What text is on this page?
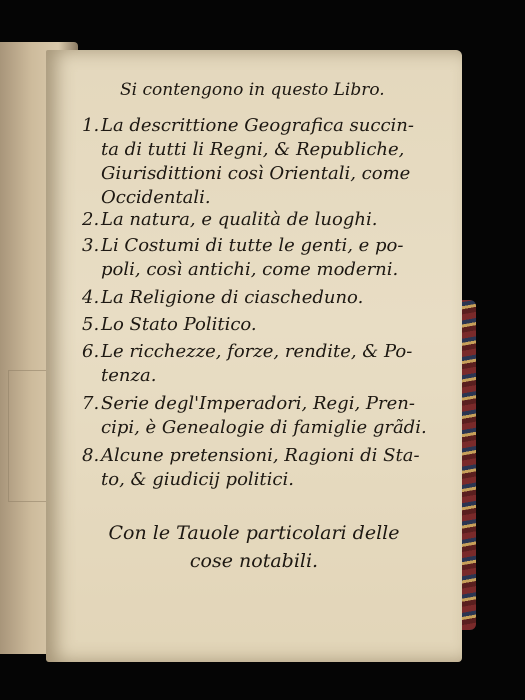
Si contengono in questo Libro.
1. La descrittione Geografica succin-
ta di tutti li Regni, & Republiche,
Giurisdittioni così Orientali, come
Occidentali.
2. La natura, e qualità de luoghi.
3. Li Costumi di tutte le genti, e po-
poli, così antichi, come moderni.
4. La Religione di ciascheduno.
5. Lo Stato Politico.
6. Le ricchezze, forze, rendite, & Po-
tenza.
7. Serie degl'Imperadori, Regi, Pren-
cipi, è Genealogie di famiglie grãdi.
8. Alcune pretensioni, Ragioni di Sta-
to, & giudicij politici.
Con le Tauole particolari delle
cose notabili.
